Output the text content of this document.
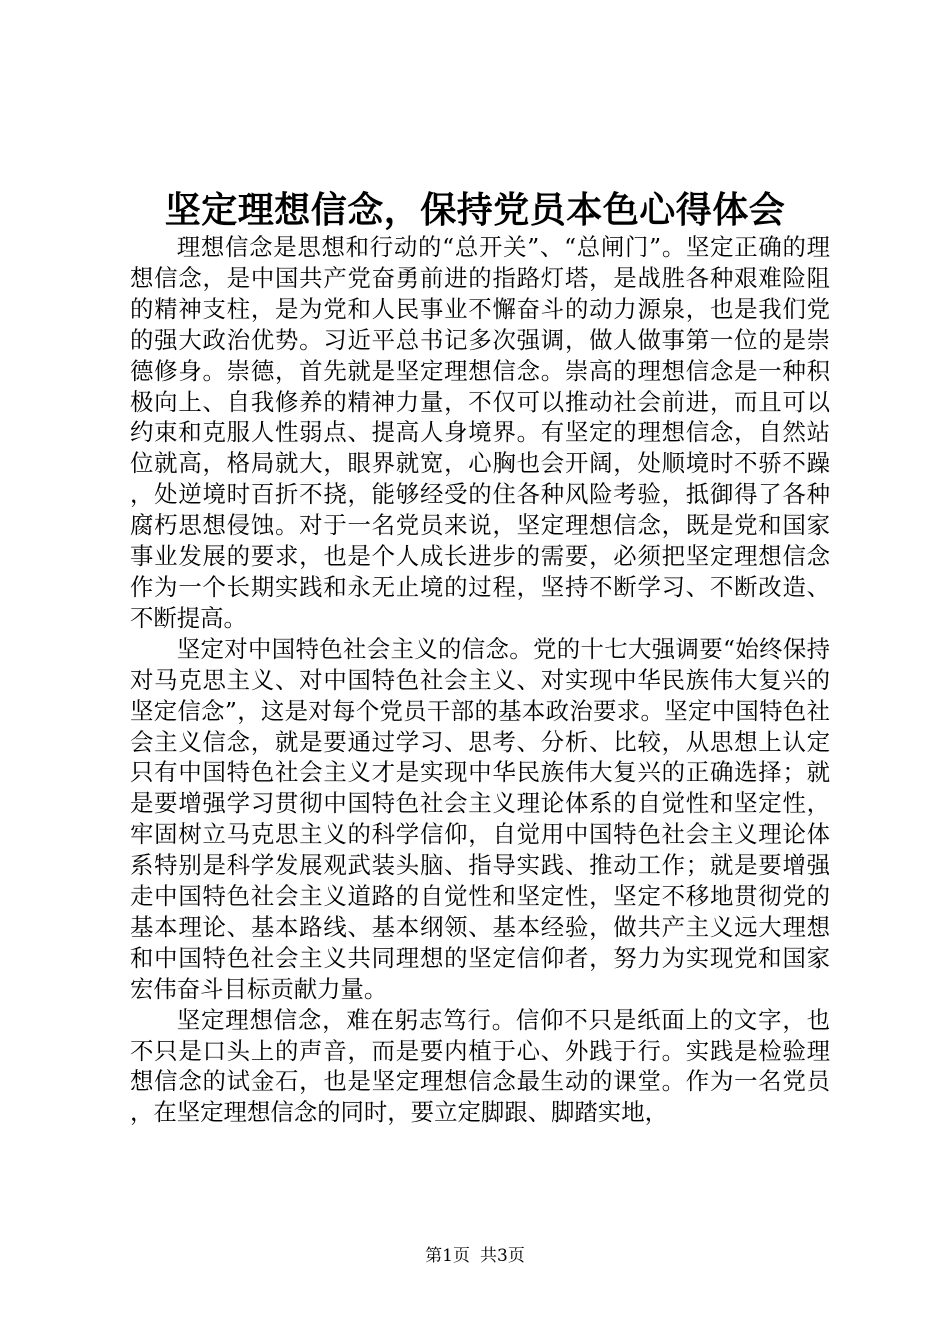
坚定理想信念，保持党员本色心得体会

理想信念是思想和行动的“总开关”、“总闸门”。坚定正确的理想信念，是中国共产党奋勇前进的指路灯塔，是战胜各种艰难险阻的精神支柱，是为党和人民事业不懈奋斗的动力源泉，也是我们党的强大政治优势。习近平总书记多次强调，做人做事第一位的是崇德修身。崇德，首先就是坚定理想信念。崇高的理想信念是一种积极向上、自我修养的精神力量，不仅可以推动社会前进，而且可以约束和克服人性弱点、提高人身境界。有坚定的理想信念，自然站位就高，格局就大，眼界就宽，心胸也会开阔，处顺境时不骄不躁，处逆境时百折不挠，能够经受的住各种风险考验，抵御得了各种腐朽思想侵蚀。对于一名党员来说，坚定理想信念，既是党和国家事业发展的要求，也是个人成长进步的需要，必须把坚定理想信念作为一个长期实践和永无止境的过程，坚持不断学习、不断改造、不断提高。

坚定对中国特色社会主义的信念。党的十七大强调要“始终保持对马克思主义、对中国特色社会主义、对实现中华民族伟大复兴的坚定信念”，这是对每个党员干部的基本政治要求。坚定中国特色社会主义信念，就是要通过学习、思考、分析、比较，从思想上认定只有中国特色社会主义才是实现中华民族伟大复兴的正确选择；就是要增强学习贯彻中国特色社会主义理论体系的自觉性和坚定性，牢固树立马克思主义的科学信仰，自觉用中国特色社会主义理论体系特别是科学发展观武装头脑、指导实践、推动工作；就是要增强走中国特色社会主义道路的自觉性和坚定性，坚定不移地贯彻党的基本理论、基本路线、基本纲领、基本经验，做共产主义远大理想和中国特色社会主义共同理想的坚定信仰者，努力为实现党和国家宏伟奋斗目标贡献力量。

坚定理想信念，难在躬志笃行。信仰不只是纸面上的文字，也不只是口头上的声音，而是要内植于心、外践于行。实践是检验理想信念的试金石，也是坚定理想信念最生动的课堂。作为一名党员，在坚定理想信念的同时，要立定脚跟、脚踏实地，

第1页 共3页
